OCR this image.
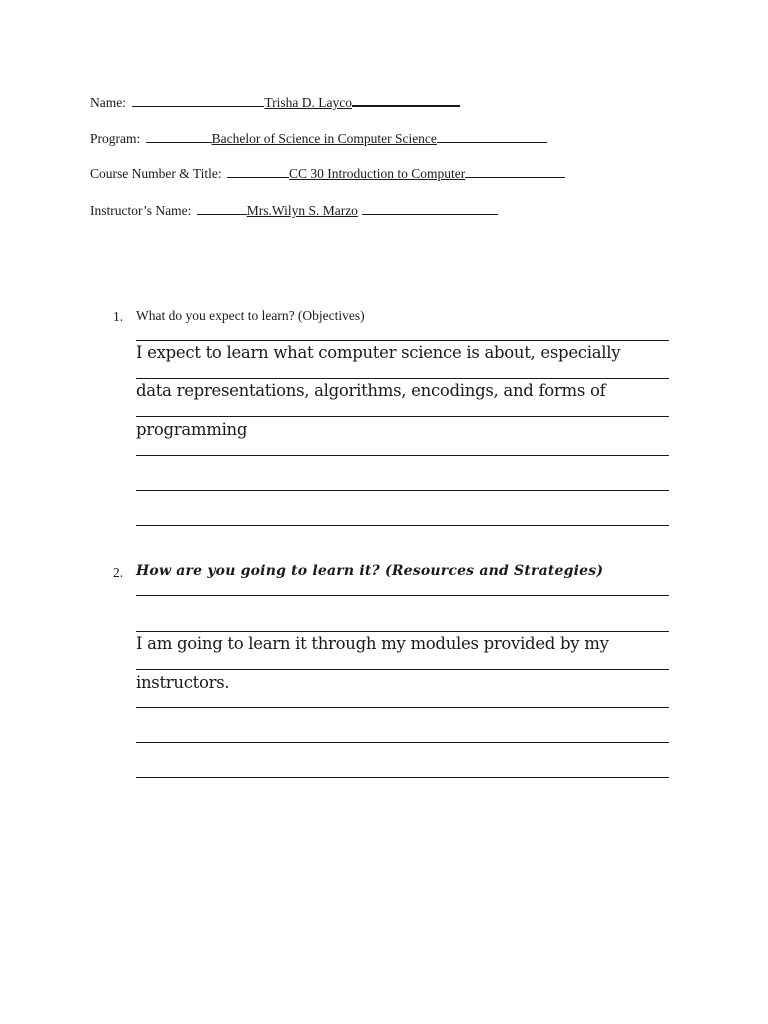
Name:	Trisha D. Layco
Program:	Bachelor of Science in Computer Science
Course Number & Title:	CC 30 Introduction to Computer
Instructor’s Name:	Mrs.Wilyn S. Marzo
1. What do you expect to learn? (Objectives)
I expect to learn what computer science is about, especially
data representations, algorithms, encodings, and forms of
programming
2. How are you going to learn it? (Resources and Strategies)
I am going to learn it through my modules provided by my
instructors.
